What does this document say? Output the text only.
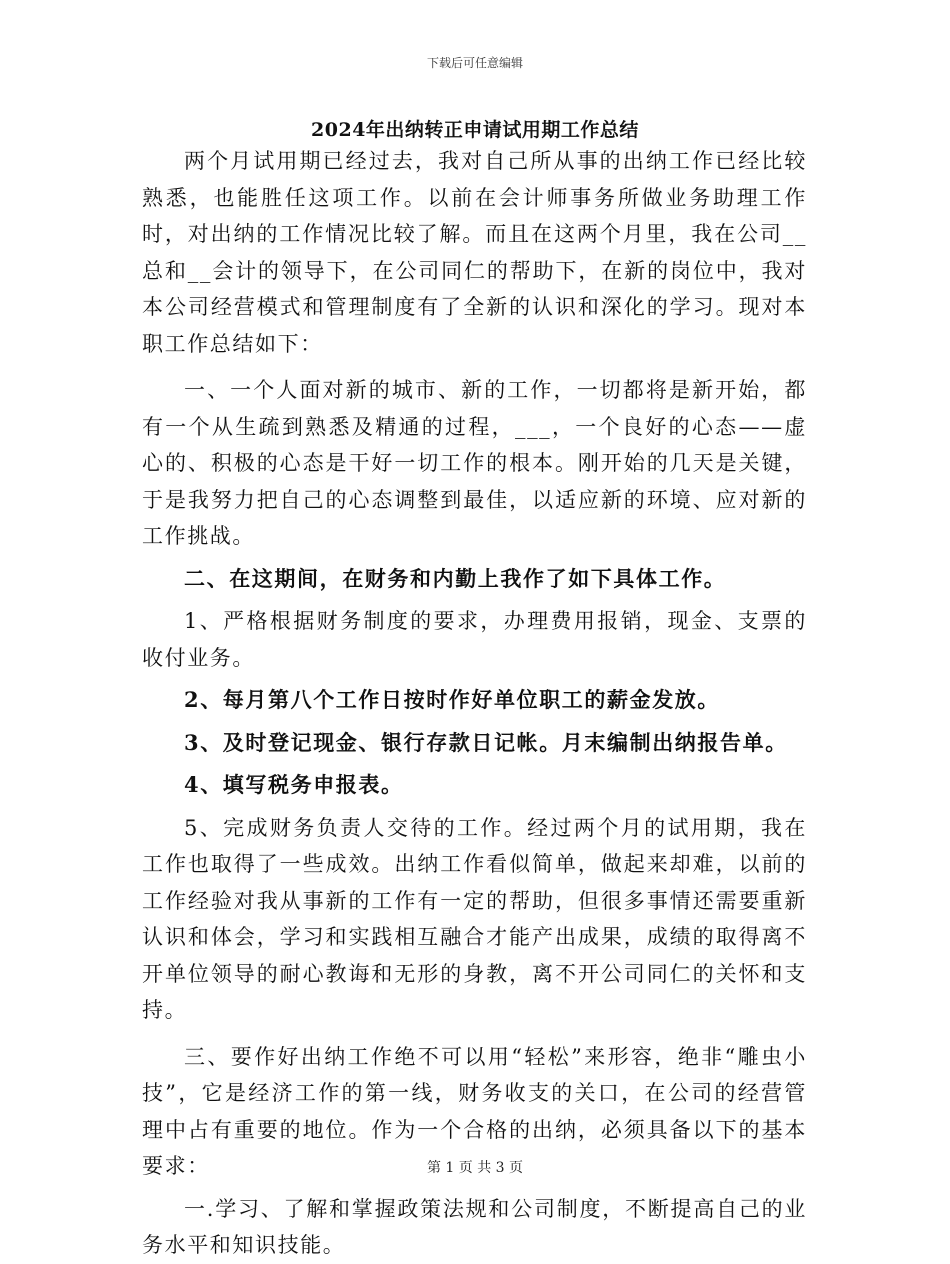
下载后可任意编辑
2024年出纳转正申请试用期工作总结

两个月试用期已经过去，我对自己所从事的出纳工作已经比较熟悉，也能胜任这项工作。以前在会计师事务所做业务助理工作时，对出纳的工作情况比较了解。而且在这两个月里，我在公司__总和__会计的领导下，在公司同仁的帮助下，在新的岗位中，我对本公司经营模式和管理制度有了全新的认识和深化的学习。现对本职工作总结如下：

一、一个人面对新的城市、新的工作，一切都将是新开始，都有一个从生疏到熟悉及精通的过程，___，一个良好的心态——虚心的、积极的心态是干好一切工作的根本。刚开始的几天是关键，于是我努力把自己的心态调整到最佳，以适应新的环境、应对新的工作挑战。

二、在这期间，在财务和内勤上我作了如下具体工作。

1、严格根据财务制度的要求，办理费用报销，现金、支票的收付业务。

2、每月第八个工作日按时作好单位职工的薪金发放。

3、及时登记现金、银行存款日记帐。月末编制出纳报告单。

4、填写税务申报表。

5、完成财务负责人交待的工作。经过两个月的试用期，我在工作也取得了一些成效。出纳工作看似简单，做起来却难，以前的工作经验对我从事新的工作有一定的帮助，但很多事情还需要重新认识和体会，学习和实践相互融合才能产出成果，成绩的取得离不开单位领导的耐心教诲和无形的身教，离不开公司同仁的关怀和支持。

三、要作好出纳工作绝不可以用“轻松”来形容，绝非“雕虫小技”，它是经济工作的第一线，财务收支的关口，在公司的经营管理中占有重要的地位。作为一个合格的出纳，必须具备以下的基本要求：

一.学习、了解和掌握政策法规和公司制度，不断提高自己的业务水平和知识技能。

第 1 页 共 3 页
